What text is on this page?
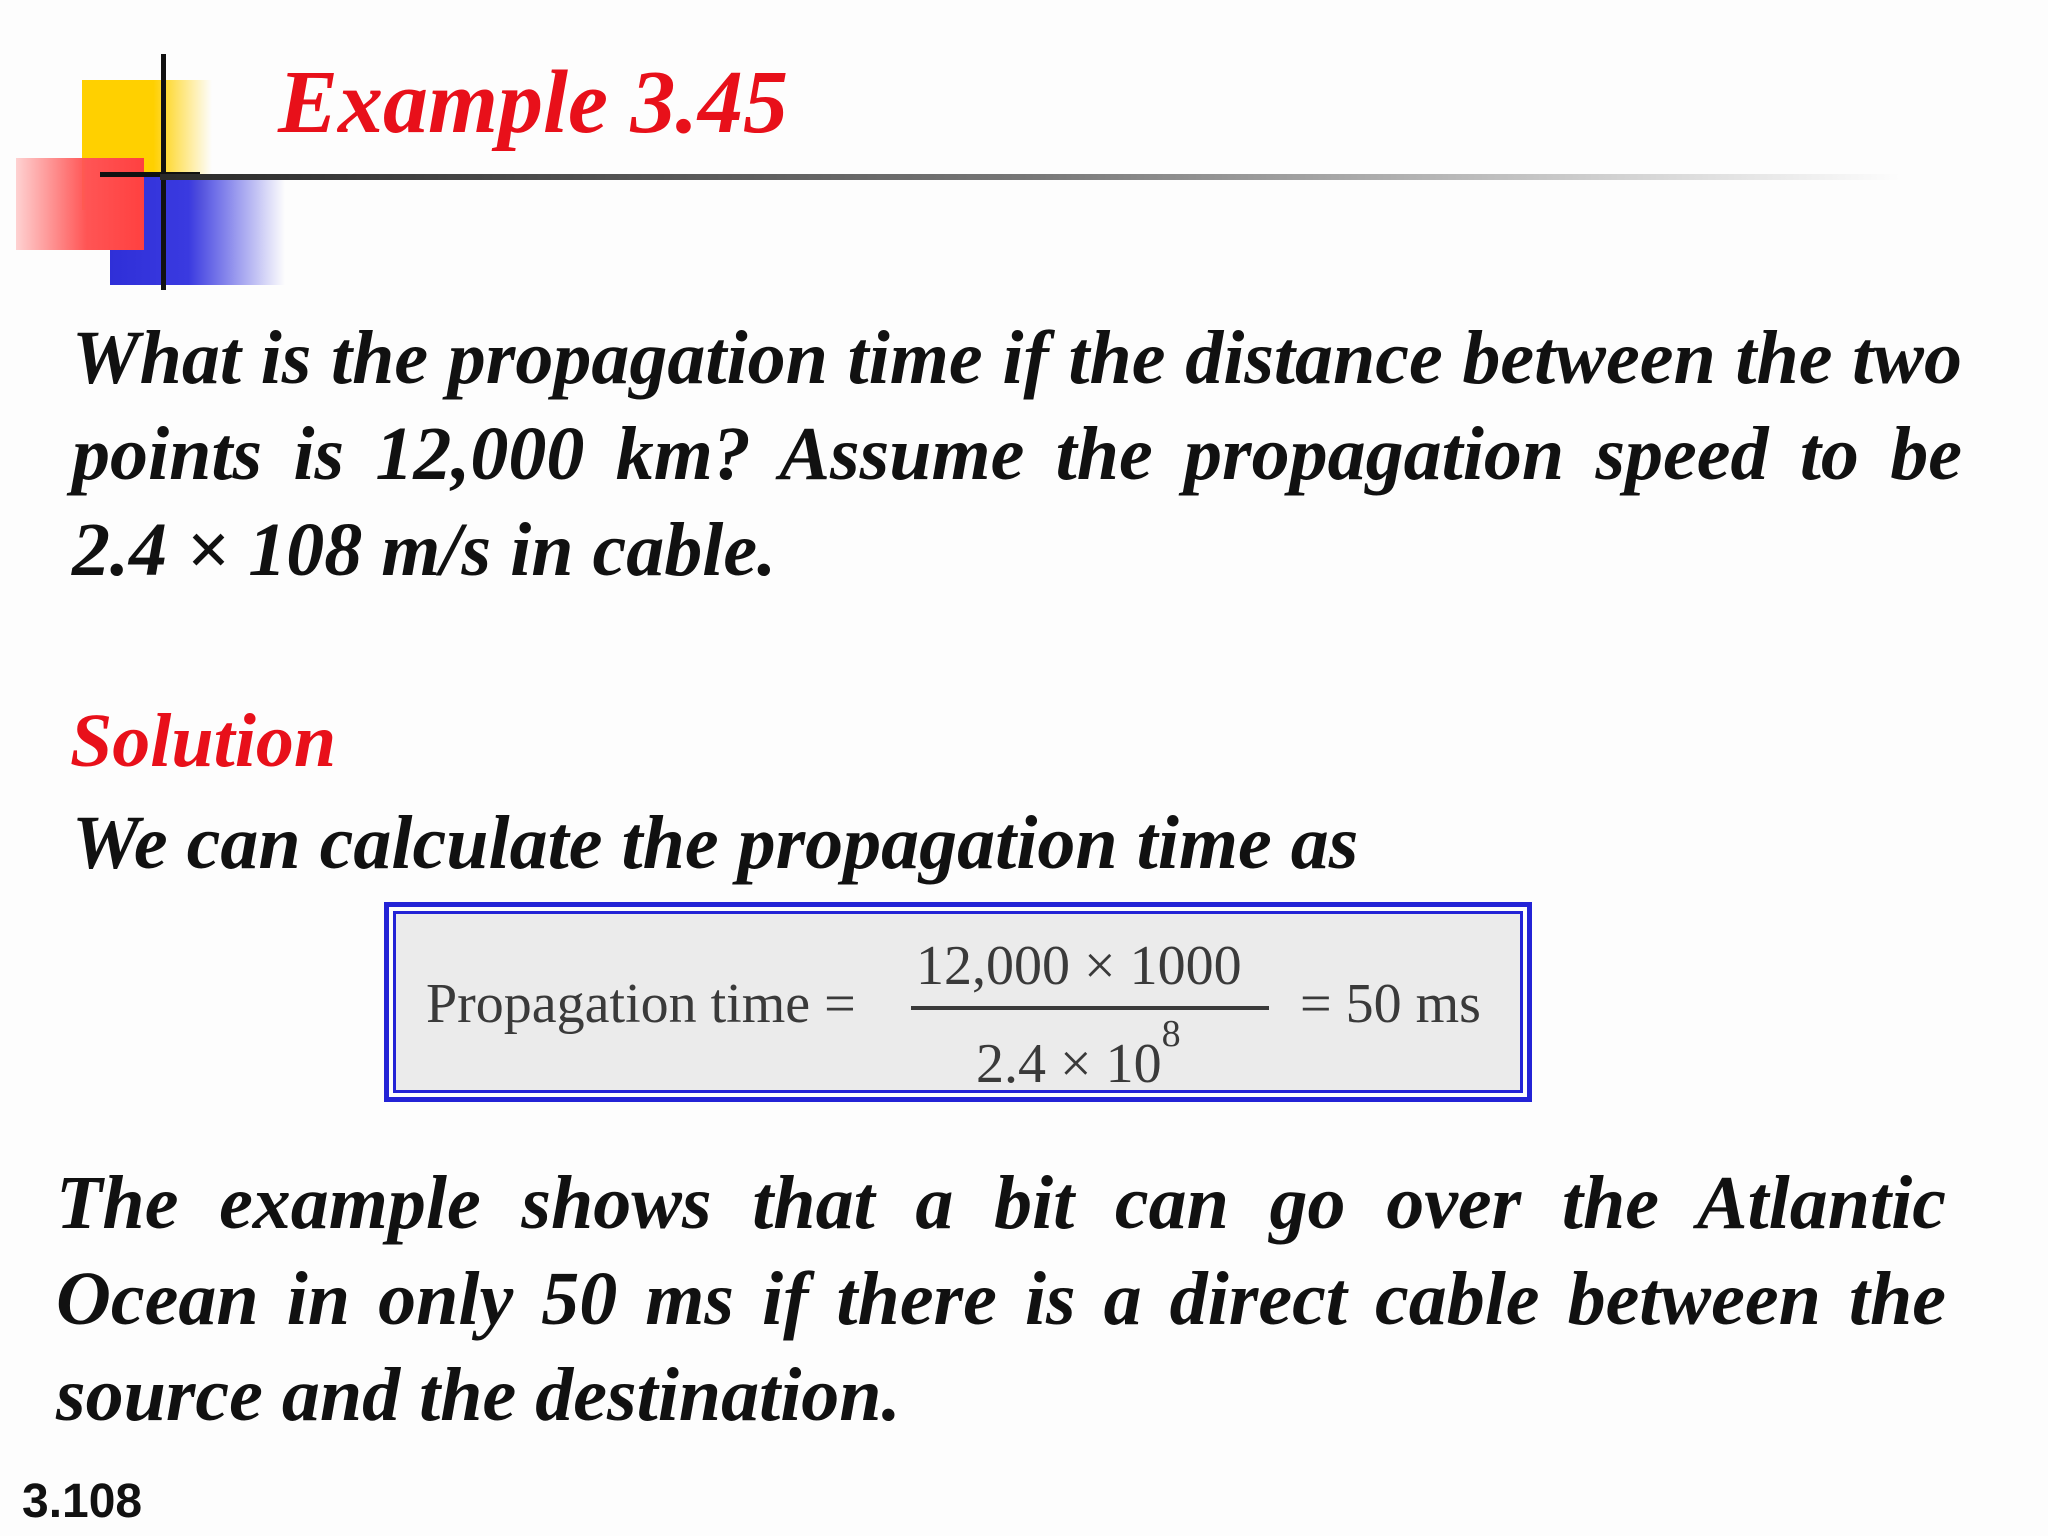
Example 3.45

What is the propagation time if the distance between the two points is 12,000 km? Assume the propagation speed to be 2.4 × 108 m/s in cable.

Solution

We can calculate the propagation time as

Propagation time =
12,000 × 1000
$2.4 \times 10^8 = 50$ ms

The example shows that a bit can go over the Atlantic Ocean in only 50 ms if there is a direct cable between the source and the destination.

3.108
